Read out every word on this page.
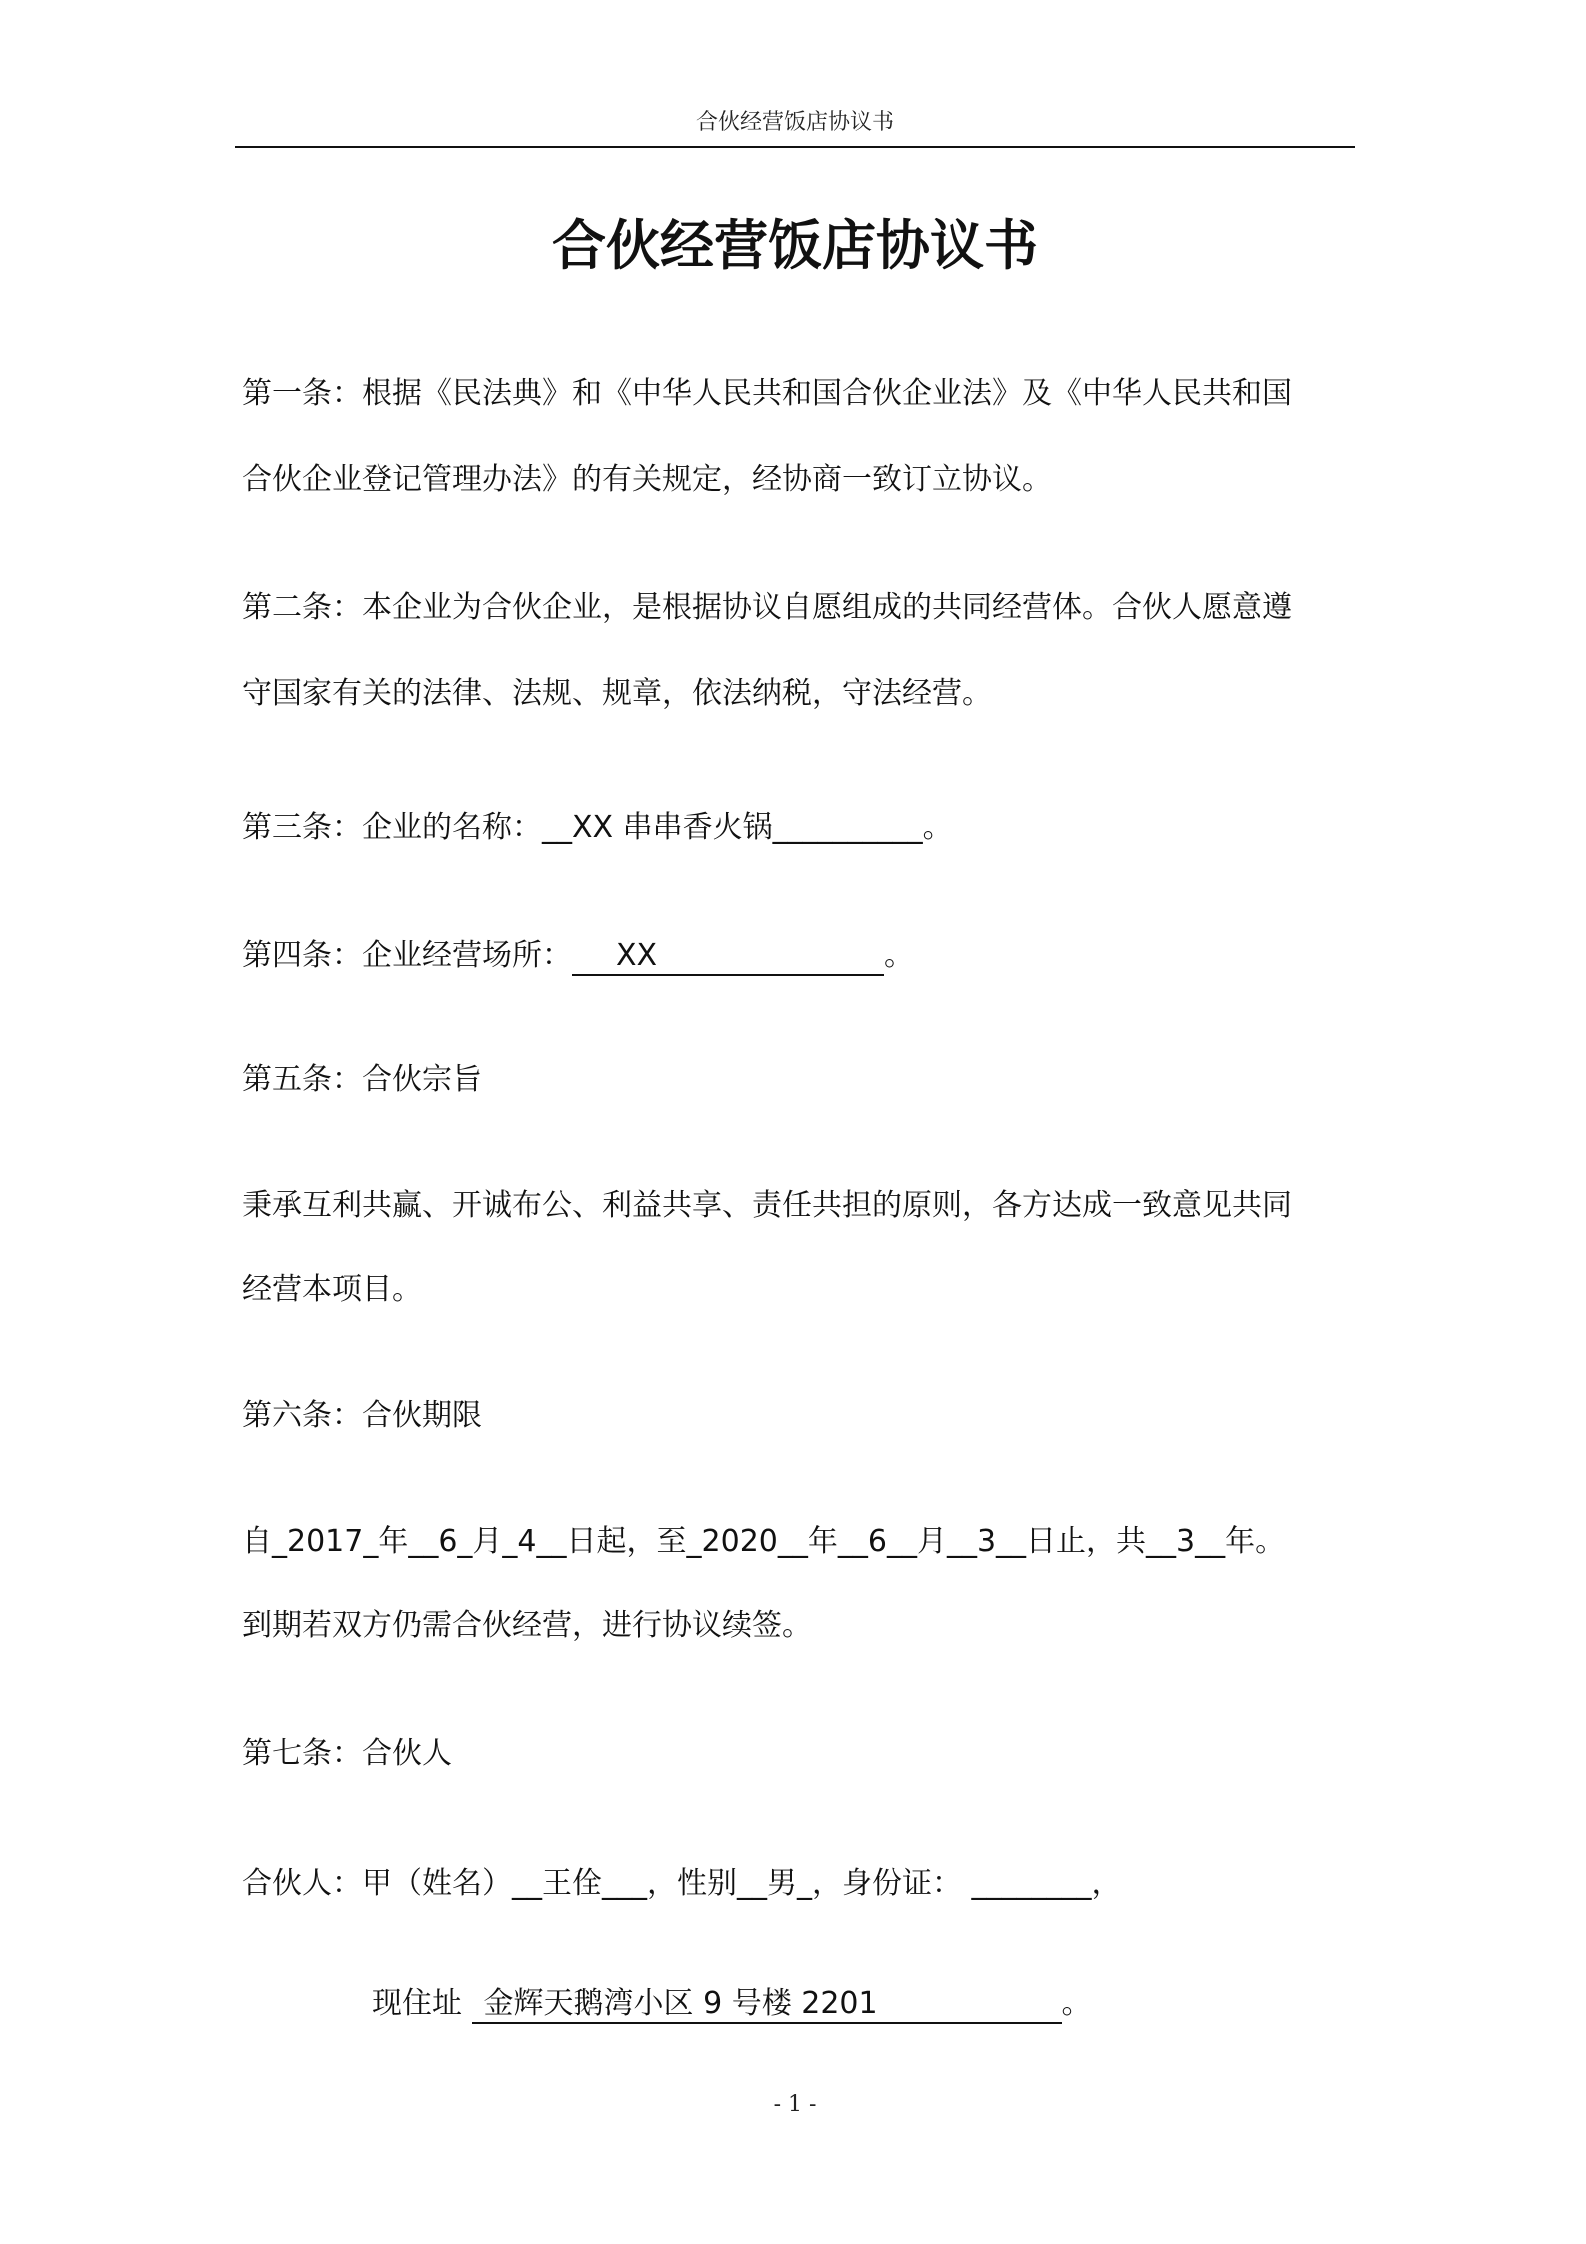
合伙经营饭店协议书
合伙经营饭店协议书
第一条：根据《民法典》和《中华人民共和国合伙企业法》及《中华人民共和国
合伙企业登记管理办法》的有关规定，经协商一致订立协议。
第二条：本企业为合伙企业，是根据协议自愿组成的共同经营体。合伙人愿意遵
守国家有关的法律、法规、规章，依法纳税，守法经营。
第三条：企业的名称：__XX 串串香火锅__________。
第四条：企业经营场所： XX	。
第五条：合伙宗旨
秉承互利共赢、开诚布公、利益共享、责任共担的原则，各方达成一致意见共同
经营本项目。
第六条：合伙期限
自_2017_年__6_月_4__日起，至_2020__年__6__月__3__日止，共__3__年。
到期若双方仍需合伙经营，进行协议续签。
第七条：合伙人
合伙人：甲（姓名）__王佺___，性别__男_，身份证： ________，
现住址 金辉天鹅湾小区 9 号楼 2201	。
- 1 -
